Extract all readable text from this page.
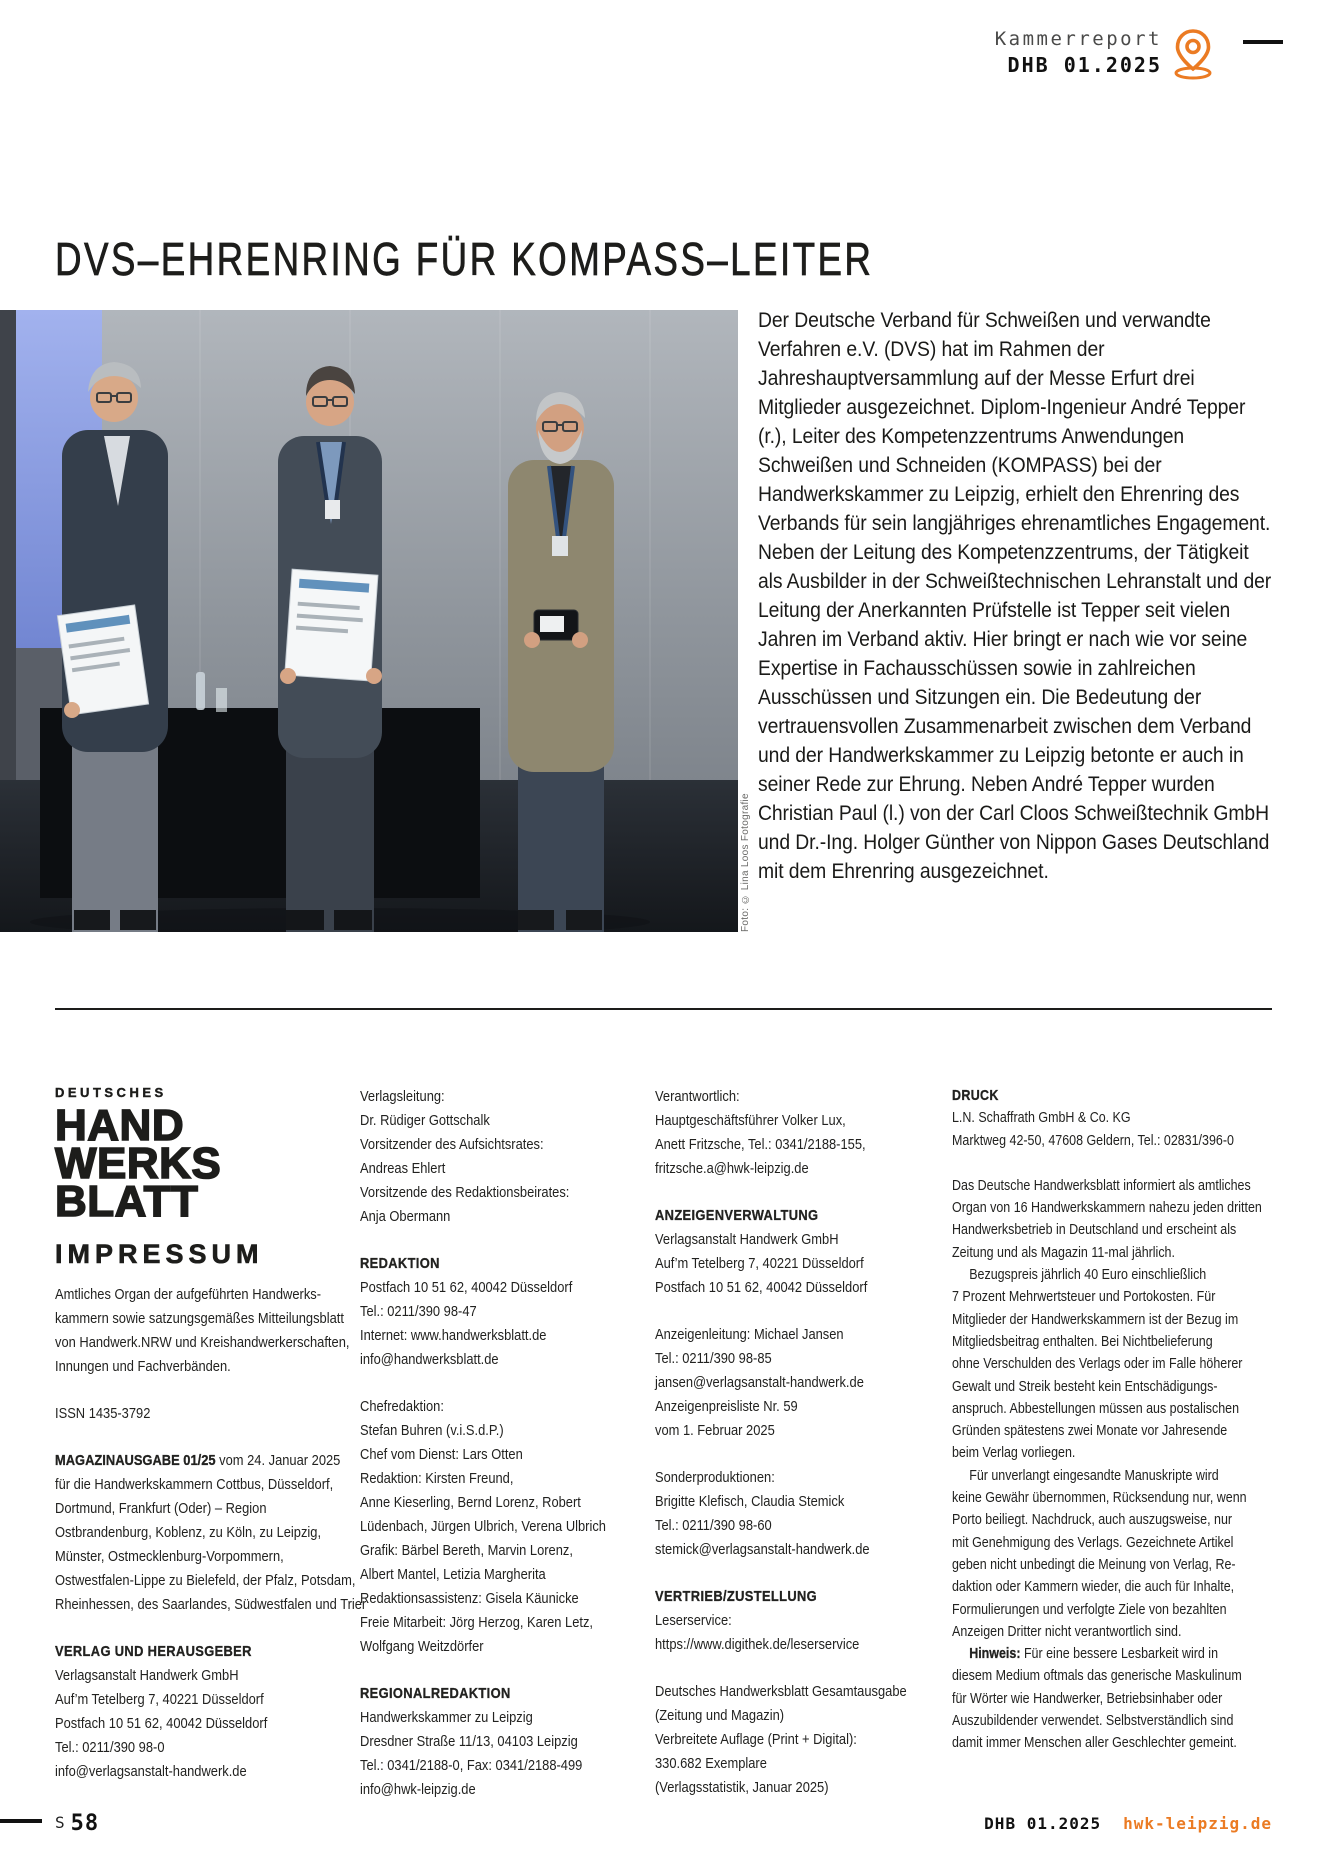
Kammerreport
DHB 01.2025
DVS–EHRENRING FÜR KOMPASS–LEITER
Foto: © Lina Loos Fotografie

Der Deutsche Verband für Schweißen und verwandte Verfahren e.V. (DVS) hat im Rahmen der Jahreshauptversammlung auf der Messe Erfurt drei Mitglieder ausgezeichnet. Diplom-Ingenieur André Tepper (r.), Leiter des Kompetenzzentrums Anwendungen Schweißen und Schneiden (KOMPASS) bei der Handwerkskammer zu Leipzig, erhielt den Ehrenring des Verbands für sein langjähriges ehrenamtliches Engagement. Neben der Leitung des Kompetenzzentrums, der Tätigkeit als Ausbilder in der Schweißtechnischen Lehranstalt und der Leitung der Anerkannten Prüfstelle ist Tepper seit vielen Jahren im Verband aktiv. Hier bringt er nach wie vor seine Expertise in Fachausschüssen sowie in zahlreichen Ausschüssen und Sitzungen ein. Die Bedeutung der vertrauensvollen Zusammenarbeit zwischen dem Verband und der Handwerkskammer zu Leipzig betonte er auch in seiner Rede zur Ehrung. Neben André Tepper wurden Christian Paul (l.) von der Carl Cloos Schweißtechnik GmbH und Dr.-Ing. Holger Günther von Nippon Gases Deutschland mit dem Ehrenring ausgezeichnet.

DEUTSCHES
HAND
WERKS
BLATT
IMPRESSUM
Amtliches Organ der aufgeführten Handwerks-
kammern sowie satzungsgemäßes Mitteilungsblatt
von Handwerk.NRW und Kreishandwerkerschaften,
Innungen und Fachverbänden.
ISSN 1435-3792
MAGAZINAUSGABE 01/25 vom 24. Januar 2025
für die Handwerkskammern Cottbus, Düsseldorf,
Dortmund, Frankfurt (Oder) – Region
Ostbrandenburg, Koblenz, zu Köln, zu Leipzig,
Münster, Ostmecklenburg-Vorpommern,
Ostwestfalen-Lippe zu Bielefeld, der Pfalz, Potsdam,
Rheinhessen, des Saarlandes, Südwestfalen und Trier
VERLAG UND HERAUSGEBER
Verlagsanstalt Handwerk GmbH
Auf’m Tetelberg 7, 40221 Düsseldorf
Postfach 10 51 62, 40042 Düsseldorf
Tel.: 0211/390 98-0
info@verlagsanstalt-handwerk.de
Verlagsleitung:
Dr. Rüdiger Gottschalk
Vorsitzender des Aufsichtsrates:
Andreas Ehlert
Vorsitzende des Redaktionsbeirates:
Anja Obermann
REDAKTION
Postfach 10 51 62, 40042 Düsseldorf
Tel.: 0211/390 98-47
Internet: www.handwerksblatt.de
info@handwerksblatt.de
Chefredaktion:
Stefan Buhren (v.i.S.d.P.)
Chef vom Dienst: Lars Otten
Redaktion: Kirsten Freund,
Anne Kieserling, Bernd Lorenz, Robert
Lüdenbach, Jürgen Ulbrich, Verena Ulbrich
Grafik: Bärbel Bereth, Marvin Lorenz,
Albert Mantel, Letizia Margherita
Redaktionsassistenz: Gisela Käunicke
Freie Mitarbeit: Jörg Herzog, Karen Letz,
Wolfgang Weitzdörfer
REGIONALREDAKTION
Handwerkskammer zu Leipzig
Dresdner Straße 11/13, 04103 Leipzig
Tel.: 0341/2188-0, Fax: 0341/2188-499
info@hwk-leipzig.de
Verantwortlich:
Hauptgeschäftsführer Volker Lux,
Anett Fritzsche, Tel.: 0341/2188-155,
fritzsche.a@hwk-leipzig.de
ANZEIGENVERWALTUNG
Verlagsanstalt Handwerk GmbH
Auf’m Tetelberg 7, 40221 Düsseldorf
Postfach 10 51 62, 40042 Düsseldorf
Anzeigenleitung: Michael Jansen
Tel.: 0211/390 98-85
jansen@verlagsanstalt-handwerk.de
Anzeigenpreisliste Nr. 59
vom 1. Februar 2025
Sonderproduktionen:
Brigitte Klefisch, Claudia Stemick
Tel.: 0211/390 98-60
stemick@verlagsanstalt-handwerk.de
VERTRIEB/ZUSTELLUNG
Leserservice:
https://www.digithek.de/leserservice
Deutsches Handwerksblatt Gesamtausgabe
(Zeitung und Magazin)
Verbreitete Auflage (Print + Digital):
330.682 Exemplare
(Verlagsstatistik, Januar 2025)
DRUCK
L.N. Schaffrath GmbH & Co. KG
Marktweg 42-50, 47608 Geldern, Tel.: 02831/396-0
Das Deutsche Handwerksblatt informiert als amtliches
Organ von 16 Handwerkskammern nahezu jeden dritten
Handwerksbetrieb in Deutschland und erscheint als
Zeitung und als Magazin 11-mal jährlich.
Bezugspreis jährlich 40 Euro einschließlich
7 Prozent Mehrwertsteuer und Portokosten. Für
Mitglieder der Handwerkskammern ist der Bezug im
Mitgliedsbeitrag enthalten. Bei Nichtbelieferung
ohne Verschulden des Verlags oder im Falle höherer
Gewalt und Streik besteht kein Entschädigungs-
anspruch. Abbestellungen müssen aus postalischen
Gründen spätestens zwei Monate vor Jahresende
beim Verlag vorliegen.
Für unverlangt eingesandte Manuskripte wird
keine Gewähr übernommen, Rücksendung nur, wenn
Porto beiliegt. Nachdruck, auch auszugsweise, nur
mit Genehmigung des Verlags. Gezeichnete Artikel
geben nicht unbedingt die Meinung von Verlag, Re-
daktion oder Kammern wieder, die auch für Inhalte,
Formulierungen und verfolgte Ziele von bezahlten
Anzeigen Dritter nicht verantwortlich sind.
Hinweis: Für eine bessere Lesbarkeit wird in
diesem Medium oftmals das generische Maskulinum
für Wörter wie Handwerker, Betriebsinhaber oder
Auszubildender verwendet. Selbstverständlich sind
damit immer Menschen aller Geschlechter gemeint.
S 58	DHB 01.2025 hwk-leipzig.de
